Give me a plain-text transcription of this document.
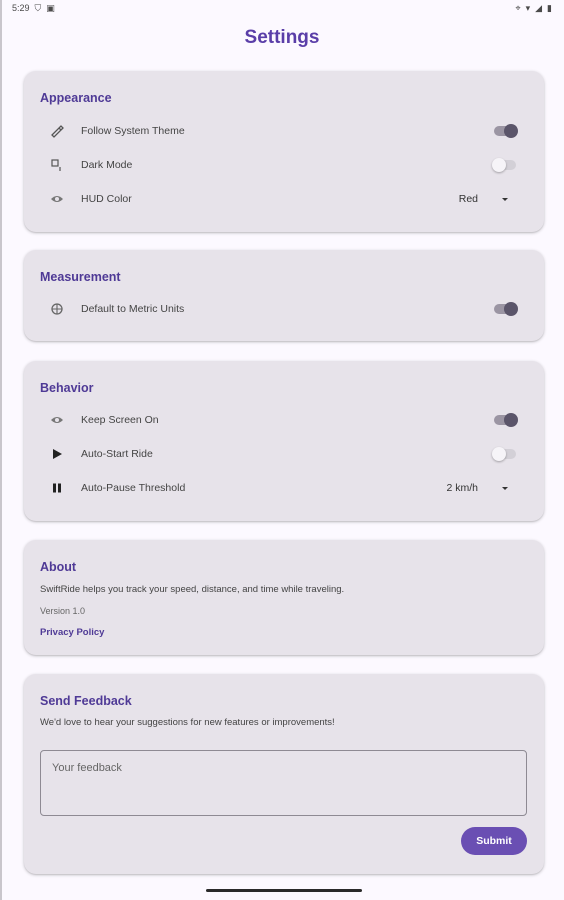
5:29 ⛉ ▣	⌖ ▾ ◢ ▮
Settings
Appearance
Follow System Theme
Dark Mode
HUD Color	Red
Measurement
Default to Metric Units
Behavior
Keep Screen On
Auto-Start Ride
Auto-Pause Threshold	2 km/h
About
SwiftRide helps you track your speed, distance, and time while traveling.
Version 1.0
Privacy Policy
Send Feedback
We'd love to hear your suggestions for new features or improvements!
Your feedback
Submit
